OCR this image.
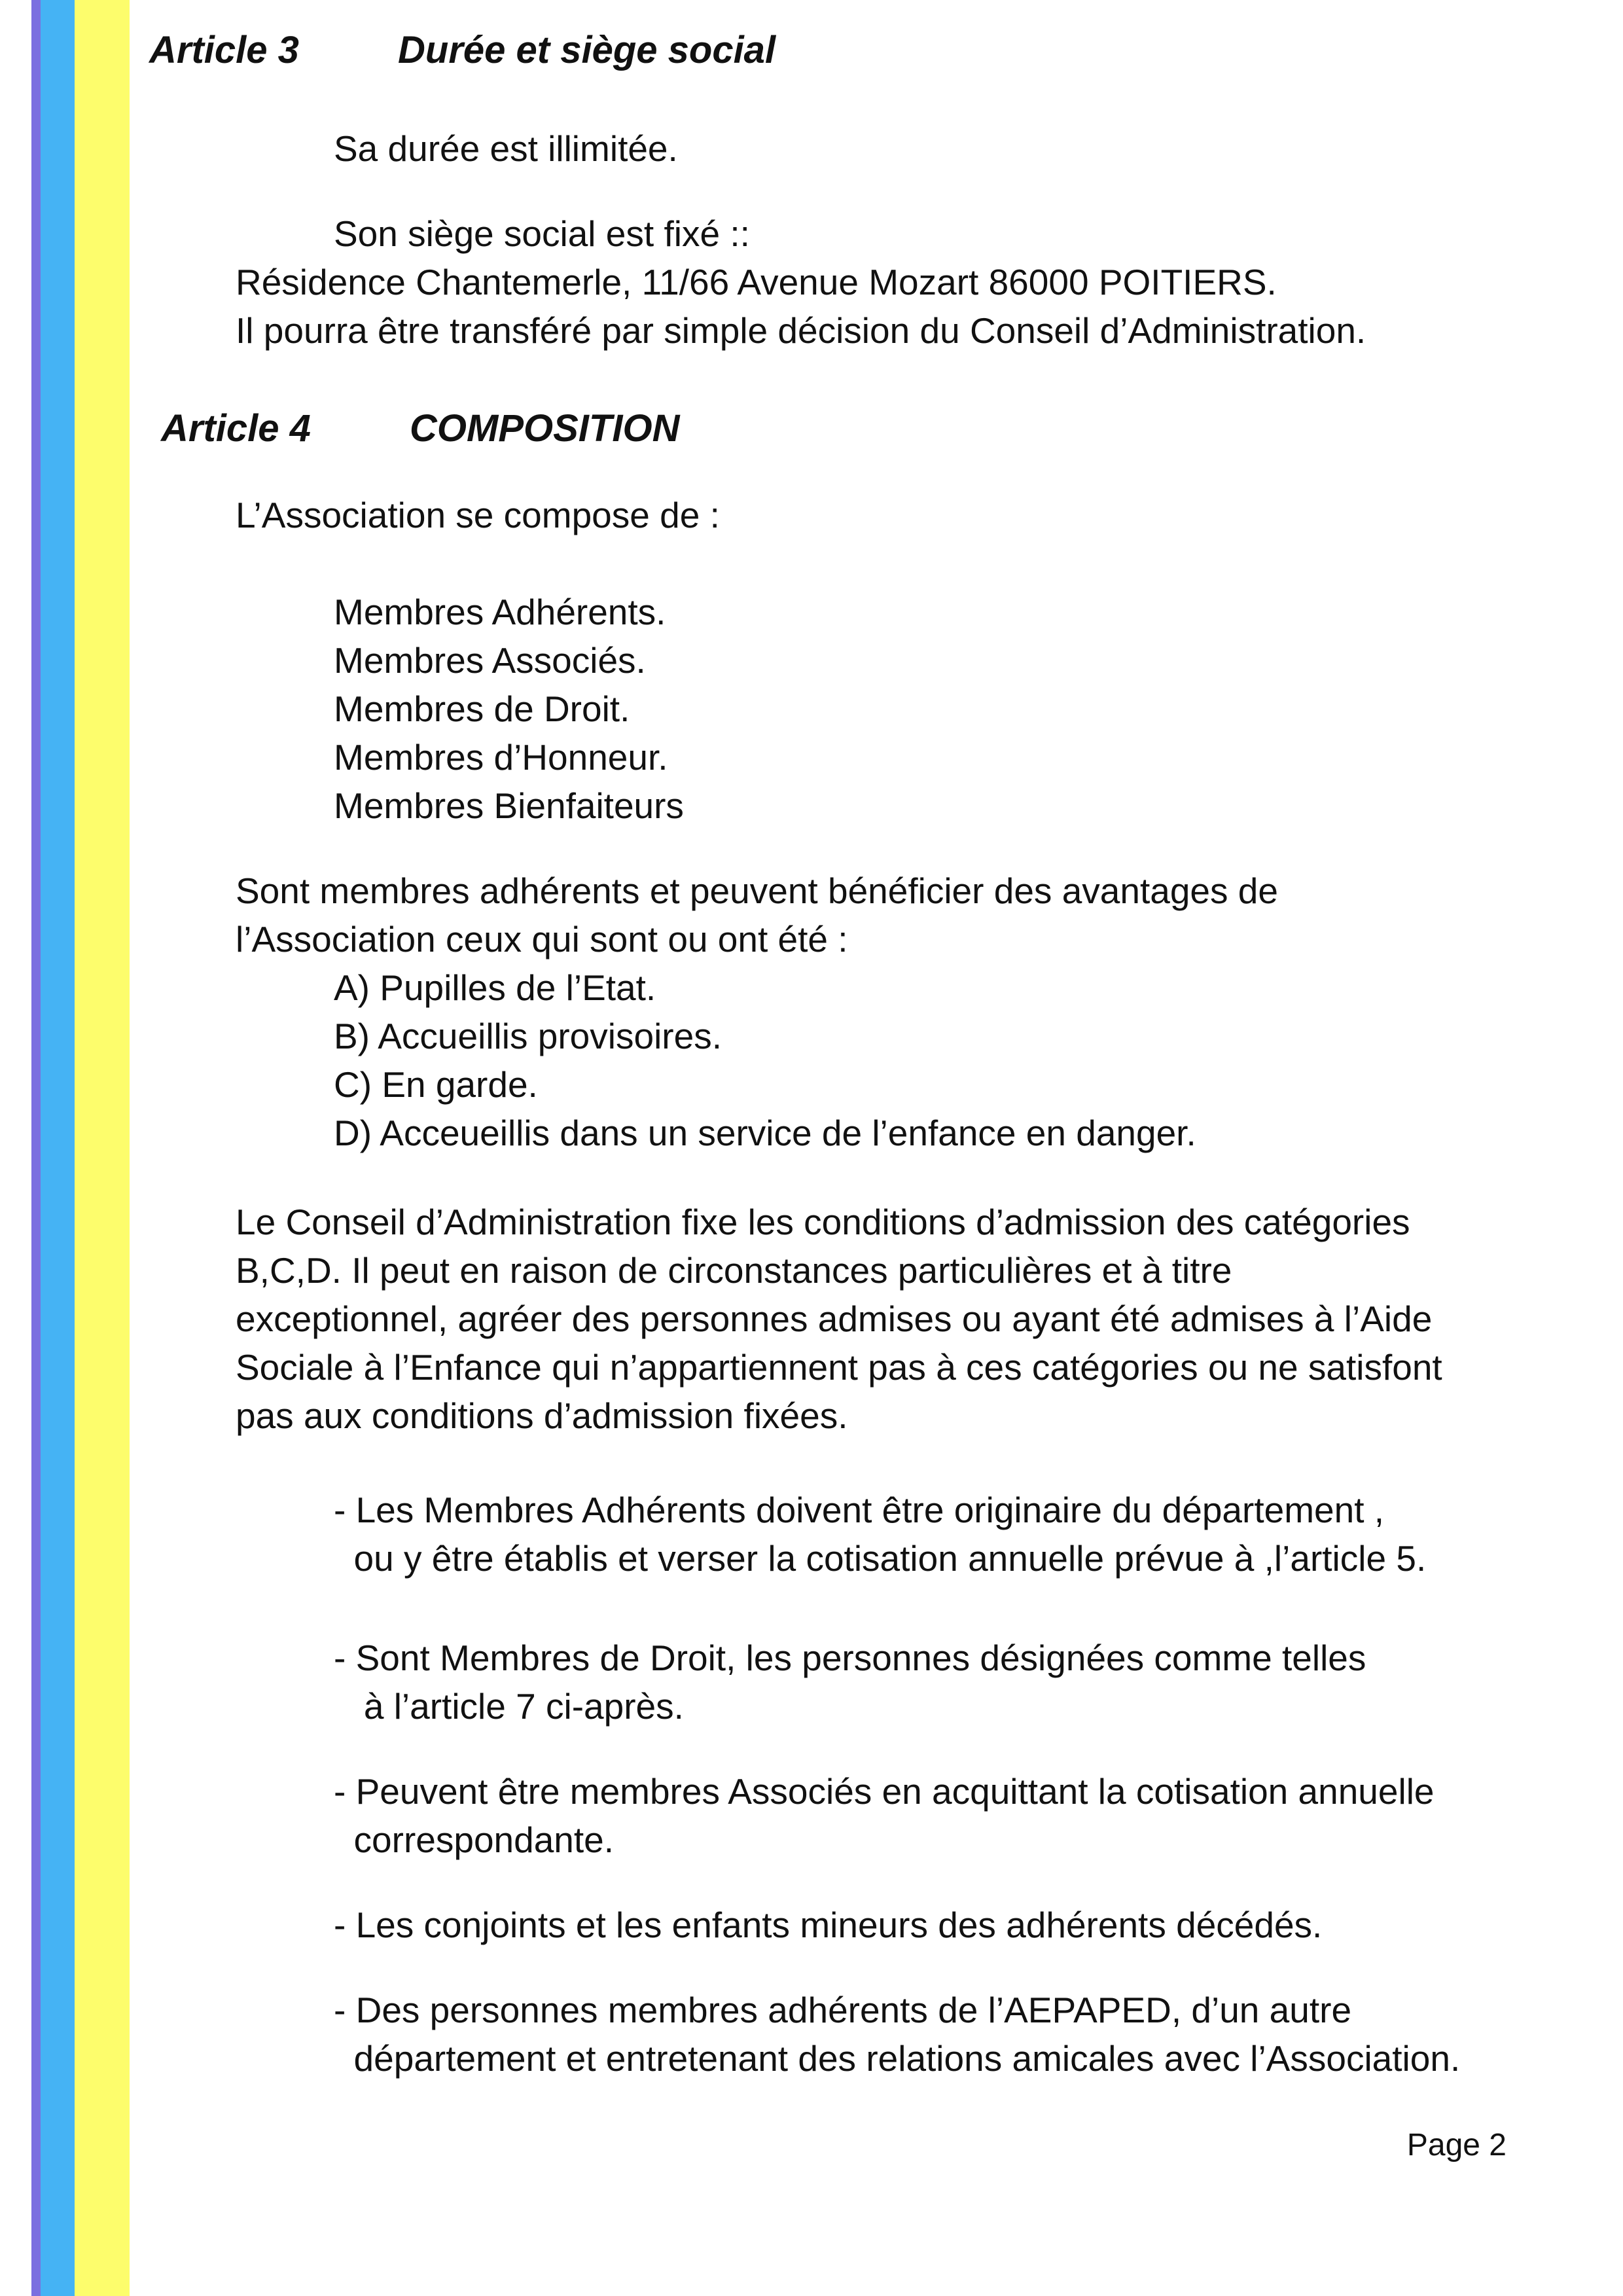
Article 3	Durée et siège social

Sa durée est illimitée.

Son siège social est fixé ::

Résidence Chantemerle, 11/66 Avenue Mozart 86000 POITIERS.

Il pourra être transféré par simple décision du Conseil d’Administration.

Article 4	COMPOSITION

L’Association se compose de :

Membres Adhérents.

Membres Associés.

Membres de Droit.

Membres d’Honneur.

Membres Bienfaiteurs

Sont membres adhérents et peuvent bénéficier des avantages de

l’Association ceux qui sont ou ont été :

A) Pupilles de l’Etat.

B) Accueillis provisoires.

C) En garde.

D) Acceueillis dans un service de l’enfance en danger.

Le Conseil d’Administration fixe les conditions d’admission des catégories

B,C,D. Il peut en raison de circonstances particulières et à titre

exceptionnel, agréer des personnes admises ou ayant été admises à l’Aide

Sociale à l’Enfance qui n’appartiennent pas à ces catégories ou ne satisfont

pas aux conditions d’admission fixées.

- Les Membres Adhérents doivent être originaire du département ,

ou y être établis et verser la cotisation annuelle prévue à ,l’article 5.

- Sont Membres de Droit, les personnes désignées comme telles

à l’article 7 ci-après.

- Peuvent être membres Associés en acquittant la cotisation annuelle

correspondante.

- Les conjoints et les enfants mineurs des adhérents décédés.

- Des personnes membres adhérents de l’AEPAPED, d’un autre

département et entretenant des relations amicales avec l’Association.

Page 2
